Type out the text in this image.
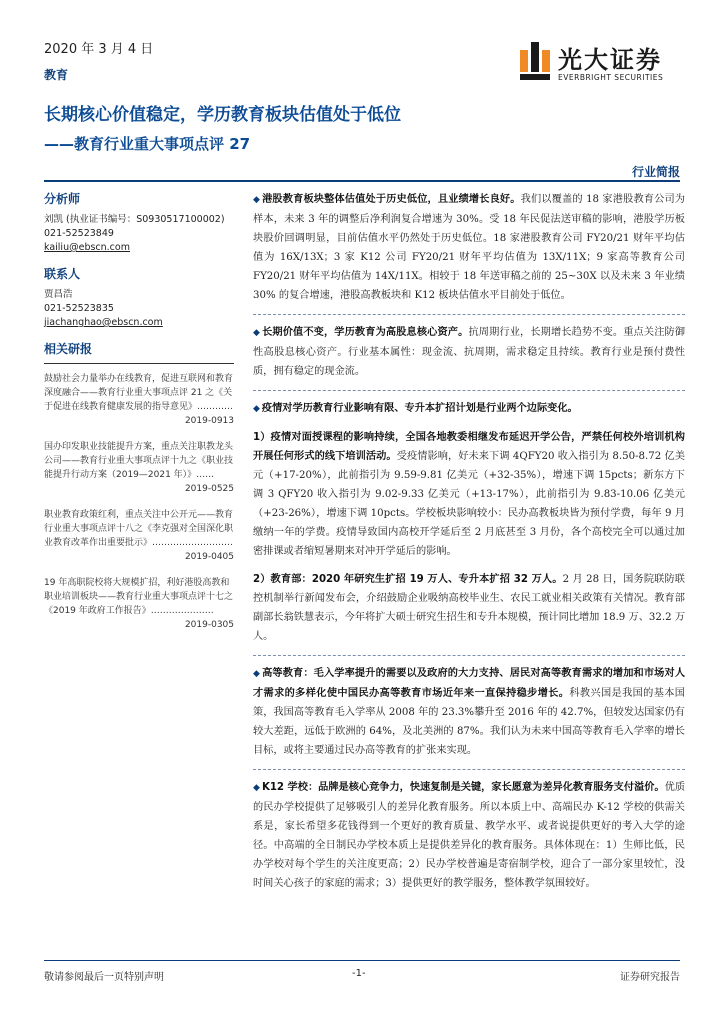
2020 年 3 月 4 日
教育
长期核心价值稳定，学历教育板块估值处于低位
——教育行业重大事项点评 27
光大证券
EVERBRIGHT SECURITIES
行业简报
分析师
刘凯 (执业证书编号：S0930517100002)
021-52523849
kailiu@ebscn.com
联系人
贾昌浩
021-52523835
jiachanghao@ebscn.com
相关研报
鼓励社会力量举办在线教育，促进互联网和教育深度融合——教育行业重大事项点评 21 之《关于促进在线教育健康发展的指导意见》…………
2019-0913
国办印发职业技能提升方案，重点关注职教龙头公司——教育行业重大事项点评十九之《职业技能提升行动方案（2019—2021 年）》……
2019-0525
职业教育政策红利，重点关注中公开元——教育行业重大事项点评十八之《李克强对全国深化职业教育改革作出重要批示》………………………
2019-0405
19 年高职院校将大规模扩招，利好港股高教和职业培训板块——教育行业重大事项点评十七之《2019 年政府工作报告》…………………
2019-0305

◆ 港股教育板块整体估值处于历史低位，且业绩增长良好。我们以覆盖的 18 家港股教育公司为样本，未来 3 年的调整后净利润复合增速为 30%。受 18 年民促法送审稿的影响，港股学历板块股价回调明显，目前估值水平仍然处于历史低位。18 家港股教育公司 FY20/21 财年平均估值为 16X/13X；3 家 K12 公司 FY20/21 财年平均估值为 13X/11X；9 家高等教育公司 FY20/21 财年平均估值为 14X/11X。相较于 18 年送审稿之前的 25~30X 以及未来 3 年业绩 30% 的复合增速，港股高教板块和 K12 板块估值水平目前处于低位。

◆ 长期价值不变，学历教育为高股息核心资产。抗周期行业，长期增长趋势不变。重点关注防御性高股息核心资产。行业基本属性：现金流、抗周期，需求稳定且持续。教育行业是预付费性质，拥有稳定的现金流。

◆ 疫情对学历教育行业影响有限、专升本扩招计划是行业两个边际变化。

1）疫情对面授课程的影响持续，全国各地教委相继发布延迟开学公告，严禁任何校外培训机构开展任何形式的线下培训活动。受疫情影响，好未来下调 4QFY20 收入指引为 8.50-8.72 亿美元（+17-20%），此前指引为 9.59-9.81 亿美元（+32-35%），增速下调 15pcts；新东方下调 3 QFY20 收入指引为 9.02-9.33 亿美元（+13-17%），此前指引为 9.83-10.06 亿美元（+23-26%），增速下调 10pcts。学校板块影响较小：民办高教板块皆为预付学费，每年 9 月缴纳一年的学费。疫情导致国内高校开学延后至 2 月底甚至 3 月份，各个高校完全可以通过加密排课或者缩短暑期来对冲开学延后的影响。

2）教育部：2020 年研究生扩招 19 万人、专升本扩招 32 万人。2 月 28 日，国务院联防联控机制举行新闻发布会，介绍鼓励企业吸纳高校毕业生、农民工就业相关政策有关情况。教育部副部长翁铁慧表示，今年将扩大硕士研究生招生和专升本规模，预计同比增加 18.9 万、32.2 万人。

◆ 高等教育：毛入学率提升的需要以及政府的大力支持、居民对高等教育需求的增加和市场对人才需求的多样化使中国民办高等教育市场近年来一直保持稳步增长。科教兴国是我国的基本国策，我国高等教育毛入学率从 2008 年的 23.3%攀升至 2016 年的 42.7%，但较发达国家仍有较大差距，远低于欧洲的 64%，及北美洲的 87%。我们认为未来中国高等教育毛入学率的增长目标，或将主要通过民办高等教育的扩张来实现。

◆ K12 学校：品牌是核心竞争力，快速复制是关键，家长愿意为差异化教育服务支付溢价。优质的民办学校提供了足够吸引人的差异化教育服务。所以本质上中、高端民办 K-12 学校的供需关系是，家长希望多花钱得到一个更好的教育质量、教学水平、或者说提供更好的考入大学的途径。中高端的全日制民办学校本质上是提供差异化的教育服务。具体体现在：1）生师比低，民办学校对每个学生的关注度更高；2）民办学校普遍是寄宿制学校，迎合了一部分家里较忙，没时间关心孩子的家庭的需求；3）提供更好的教学服务，整体教学氛围较好。

敬请参阅最后一页特别声明	-1-	证券研究报告
